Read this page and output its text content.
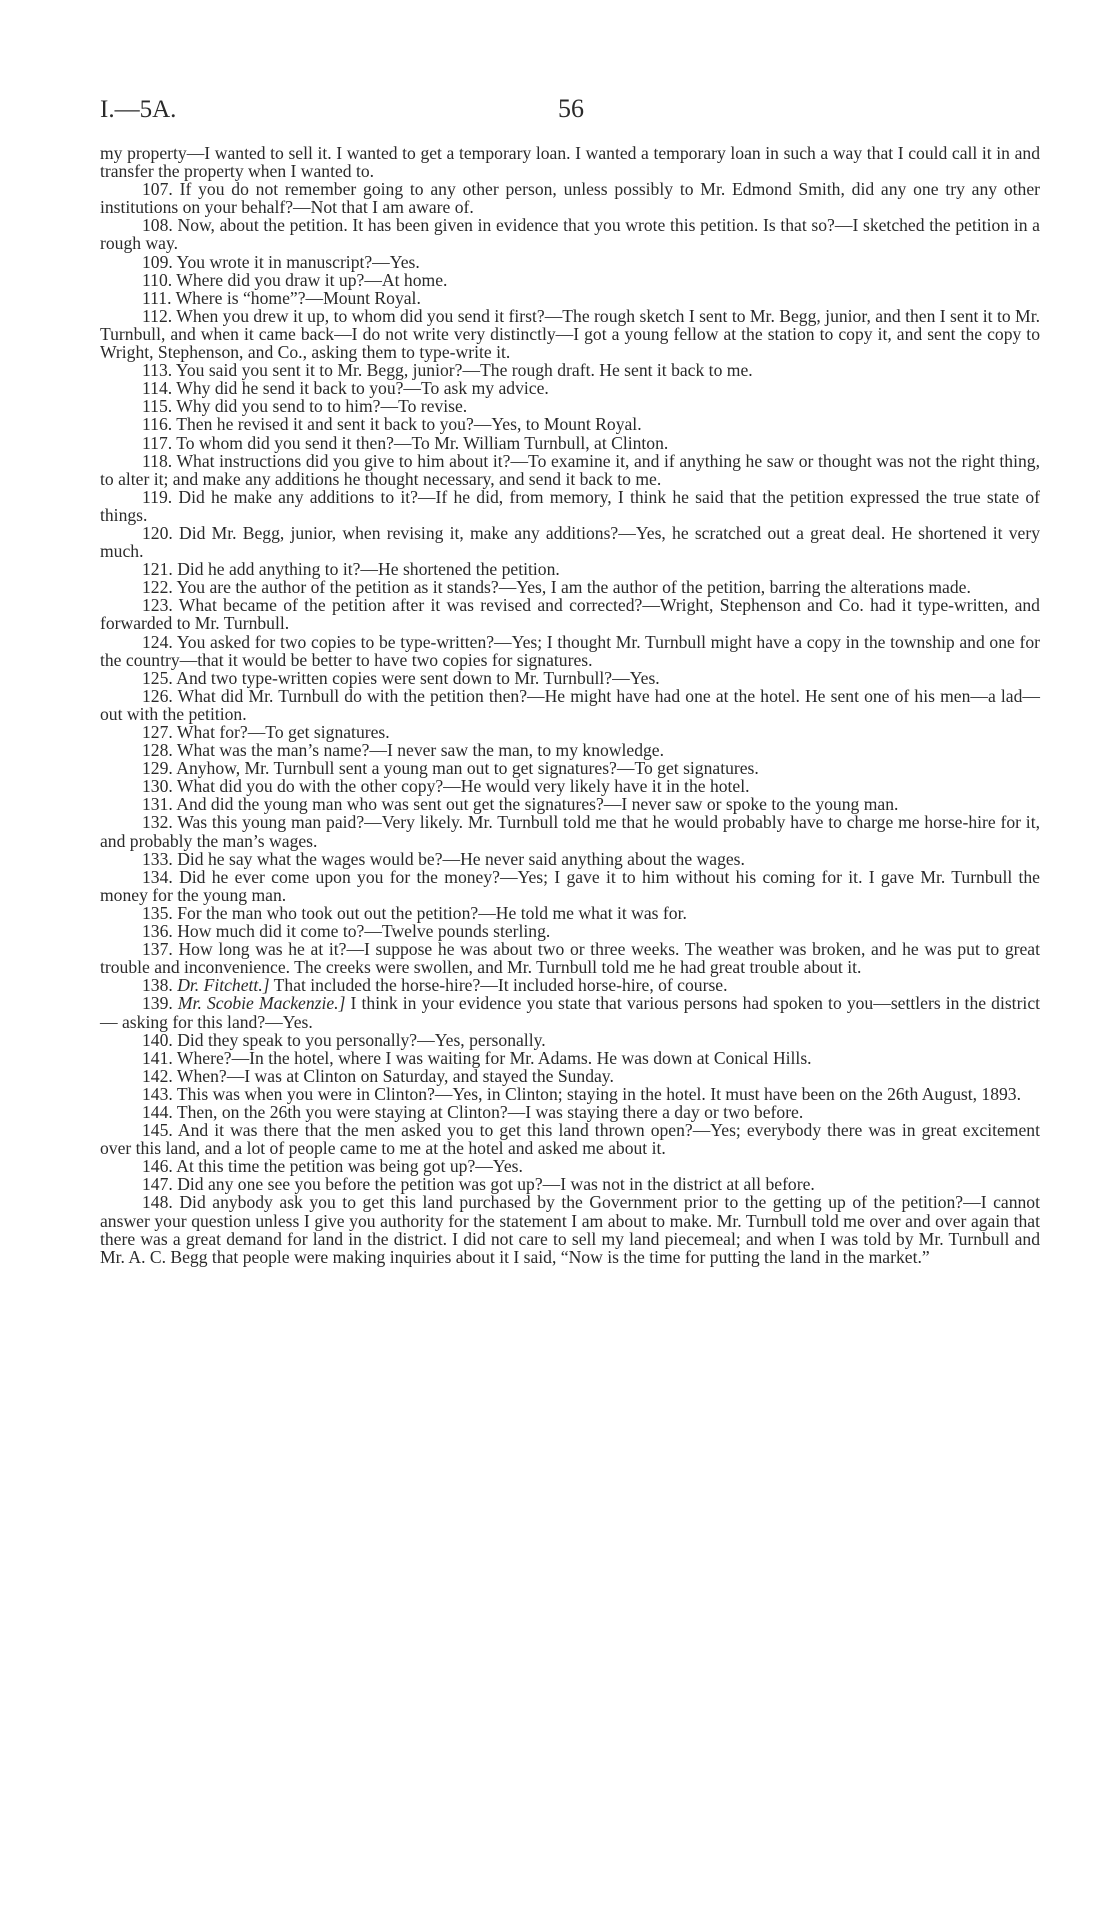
I.—5A.	56

my property—I wanted to sell it. I wanted to get a temporary loan. I wanted a temporary loan in such a way that I could call it in and transfer the property when I wanted to.

107. If you do not remember going to any other person, unless possibly to Mr. Edmond Smith, did any one try any other institutions on your behalf?—Not that I am aware of.

108. Now, about the petition. It has been given in evidence that you wrote this petition. Is that so?—I sketched the petition in a rough way.

109. You wrote it in manuscript?—Yes.

110. Where did you draw it up?—At home.

111. Where is “home”?—Mount Royal.

112. When you drew it up, to whom did you send it first?—The rough sketch I sent to Mr. Begg, junior, and then I sent it to Mr. Turnbull, and when it came back—I do not write very distinctly—I got a young fellow at the station to copy it, and sent the copy to Wright, Stephenson, and Co., asking them to type-write it.

113. You said you sent it to Mr. Begg, junior?—The rough draft. He sent it back to me.

114. Why did he send it back to you?—To ask my advice.

115. Why did you send to to him?—To revise.

116. Then he revised it and sent it back to you?—Yes, to Mount Royal.

117. To whom did you send it then?—To Mr. William Turnbull, at Clinton.

118. What instructions did you give to him about it?—To examine it, and if anything he saw or thought was not the right thing, to alter it; and make any additions he thought necessary, and send it back to me.

119. Did he make any additions to it?—If he did, from memory, I think he said that the petition expressed the true state of things.

120. Did Mr. Begg, junior, when revising it, make any additions?—Yes, he scratched out a great deal. He shortened it very much.

121. Did he add anything to it?—He shortened the petition.

122. You are the author of the petition as it stands?—Yes, I am the author of the petition, barring the alterations made.

123. What became of the petition after it was revised and corrected?—Wright, Stephenson and Co. had it type-written, and forwarded to Mr. Turnbull.

124. You asked for two copies to be type-written?—Yes; I thought Mr. Turnbull might have a copy in the township and one for the country—that it would be better to have two copies for signatures.

125. And two type-written copies were sent down to Mr. Turnbull?—Yes.

126. What did Mr. Turnbull do with the petition then?—He might have had one at the hotel. He sent one of his men—a lad—out with the petition.

127. What for?—To get signatures.

128. What was the man’s name?—I never saw the man, to my knowledge.

129. Anyhow, Mr. Turnbull sent a young man out to get signatures?—To get signatures.

130. What did you do with the other copy?—He would very likely have it in the hotel.

131. And did the young man who was sent out get the signatures?—I never saw or spoke to the young man.

132. Was this young man paid?—Very likely. Mr. Turnbull told me that he would probably have to charge me horse-hire for it, and probably the man’s wages.

133. Did he say what the wages would be?—He never said anything about the wages.

134. Did he ever come upon you for the money?—Yes; I gave it to him without his coming for it. I gave Mr. Turnbull the money for the young man.

135. For the man who took out out the petition?—He told me what it was for.

136. How much did it come to?—Twelve pounds sterling.

137. How long was he at it?—I suppose he was about two or three weeks. The weather was broken, and he was put to great trouble and inconvenience. The creeks were swollen, and Mr. Turnbull told me he had great trouble about it.

138. Dr. Fitchett.] That included the horse-hire?—It included horse-hire, of course.

139. Mr. Scobie Mackenzie.] I think in your evidence you state that various persons had spoken to you—settlers in the district— asking for this land?—Yes.

140. Did they speak to you personally?—Yes, personally.

141. Where?—In the hotel, where I was waiting for Mr. Adams. He was down at Conical Hills.

142. When?—I was at Clinton on Saturday, and stayed the Sunday.

143. This was when you were in Clinton?—Yes, in Clinton; staying in the hotel. It must have been on the 26th August, 1893.

144. Then, on the 26th you were staying at Clinton?—I was staying there a day or two before.

145. And it was there that the men asked you to get this land thrown open?—Yes; everybody there was in great excitement over this land, and a lot of people came to me at the hotel and asked me about it.

146. At this time the petition was being got up?—Yes.

147. Did any one see you before the petition was got up?—I was not in the district at all before.

148. Did anybody ask you to get this land purchased by the Government prior to the getting up of the petition?—I cannot answer your question unless I give you authority for the statement I am about to make. Mr. Turnbull told me over and over again that there was a great demand for land in the district. I did not care to sell my land piecemeal; and when I was told by Mr. Turnbull and Mr. A. C. Begg that people were making inquiries about it I said, “Now is the time for putting the land in the market.”
